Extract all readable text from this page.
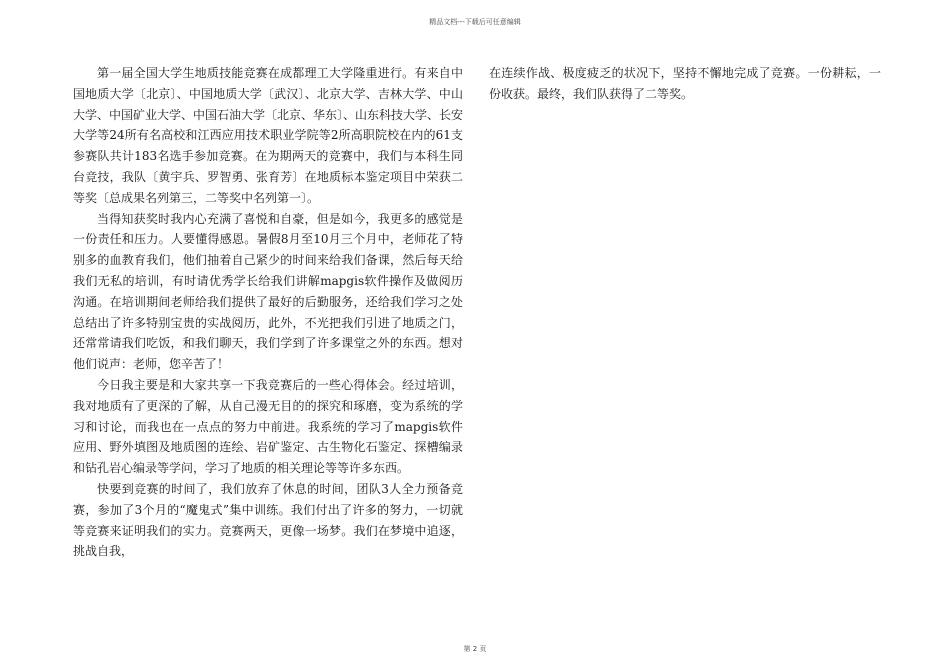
精品文档---下载后可任意编辑

第一届全国大学生地质技能竞赛在成都理工大学隆重进行。有来自中国地质大学〔北京〕、中国地质大学〔武汉〕、北京大学、吉林大学、中山大学、中国矿业大学、中国石油大学〔北京、华东〕、山东科技大学、长安大学等24所有名高校和江西应用技术职业学院等2所高职院校在内的61支参赛队共计183名选手参加竞赛。在为期两天的竞赛中，我们与本科生同台竞技，我队〔黄宇兵、罗智勇、张育芳〕在地质标本鉴定项目中荣获二等奖〔总成果名列第三，二等奖中名列第一〕。

当得知获奖时我内心充满了喜悦和自豪，但是如今，我更多的感觉是一份责任和压力。人要懂得感恩。暑假8月至10月三个月中，老师花了特别多的血教育我们，他们抽着自己紧少的时间来给我们备课，然后每天给我们无私的培训，有时请优秀学长给我们讲解mapgis软件操作及做阅历沟通。在培训期间老师给我们提供了最好的后勤服务，还给我们学习之处总结出了许多特别宝贵的实战阅历，此外，不光把我们引进了地质之门，还常常请我们吃饭，和我们聊天，我们学到了许多课堂之外的东西。想对他们说声：老师，您辛苦了！

今日我主要是和大家共享一下我竞赛后的一些心得体会。经过培训，我对地质有了更深的了解，从自己漫无目的的探究和琢磨，变为系统的学习和讨论，而我也在一点点的努力中前进。我系统的学习了mapgis软件应用、野外填图及地质图的连绘、岩矿鉴定、古生物化石鉴定、探槽编录和钻孔岩心编录等学问，学习了地质的相关理论等等许多东西。

快要到竞赛的时间了，我们放弃了休息的时间，团队3人全力预备竞赛，参加了3个月的“魔鬼式”集中训练。我们付出了许多的努力，一切就等竞赛来证明我们的实力。竞赛两天，更像一场梦。我们在梦境中追逐，挑战自我，

在连续作战、极度疲乏的状况下，坚持不懈地完成了竞赛。一份耕耘，一份收获。最终，我们队获得了二等奖。

第 2 页
